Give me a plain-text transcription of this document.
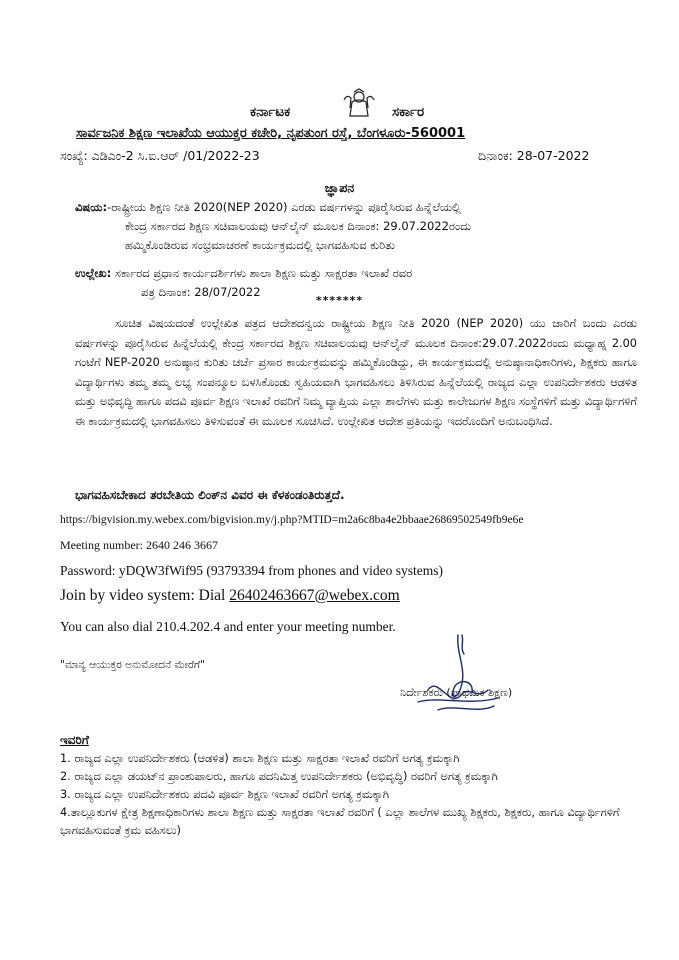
ಕರ್ನಾಟಕ	ಸರ್ಕಾರ
ಸಾರ್ವಜನಿಕ ಶಿಕ್ಷಣ ಇಲಾಖೆಯ ಆಯುಕ್ತರ ಕಚೇರಿ, ನೃಪತುಂಗ ರಸ್ತೆ, ಬೆಂಗಳೂರು-560001
ಸಂಖ್ಯೆ: ಎಡಿಎಂ-2 ಸಿ.ಐ.ಆರ್ /01/2022-23	ದಿನಾಂಕ: 28-07-2022
ಜ್ಞಾಪನ
ವಿಷಯ:-ರಾಷ್ಟ್ರೀಯ ಶಿಕ್ಷಣ ನೀತಿ 2020(NEP 2020) ಎರಡು ವರ್ಷಗಳನ್ನು ಪೂರೈಸಿರುವ ಹಿನ್ನೆಲೆಯಲ್ಲಿ
ಕೇಂದ್ರ ಸರ್ಕಾರದ ಶಿಕ್ಷಣ ಸಚಿವಾಲಯವು ಆನ್‌ಲೈನ್ ಮೂಲಕ ದಿನಾಂಕ: 29.07.2022ರಂದು
ಹಮ್ಮಿಕೊಂಡಿರುವ ಸಂಭ್ರಮಾಚರಣೆ ಕಾರ್ಯಕ್ರಮದಲ್ಲಿ ಭಾಗವಹಿಸುವ ಕುರಿತು
ಉಲ್ಲೇಖ: ಸರ್ಕಾರದ ಪ್ರಧಾನ ಕಾರ್ಯದರ್ಶಿಗಳು ಶಾಲಾ ಶಿಕ್ಷಣ ಮತ್ತು ಸಾಕ್ಷರತಾ ಇಲಾಖೆ ರವರ
ಪತ್ರ ದಿನಾಂಕ: 28/07/2022
*******
ಸೂಚಿತ ವಿಷಯದಂತೆ ಉಲ್ಲೇಖಿತ ಪತ್ರದ ಆದೇಶದನ್ವಯ ರಾಷ್ಟ್ರೀಯ ಶಿಕ್ಷಣ ನೀತಿ 2020 (NEP 2020) ಯು ಜಾರಿಗೆ ಬಂದು ಎರಡು ವರ್ಷಗಳನ್ನು ಪೂರೈಸಿರುವ ಹಿನ್ನೆಲೆಯಲ್ಲಿ ಕೇಂದ್ರ ಸರ್ಕಾರದ ಶಿಕ್ಷಣ ಸಚಿವಾಲಯವು ಆನ್‌ಲೈನ್ ಮೂಲಕ ದಿನಾಂಕ:29.07.2022ರಂದು ಮಧ್ಯಾಹ್ನ 2.00 ಗಂಟೆಗೆ NEP-2020 ಅನುಷ್ಠಾನ ಕುರಿತು ಚರ್ಚೆ ಪ್ರಸಾರ ಕಾರ್ಯಕ್ರಮವನ್ನು ಹಮ್ಮಿಕೊಂಡಿದ್ದು, ಈ ಕಾರ್ಯಕ್ರಮದಲ್ಲಿ ಅನುಷ್ಠಾನಾಧಿಕಾರಿಗಳು, ಶಿಕ್ಷಕರು ಹಾಗೂ ವಿದ್ಯಾರ್ಥಿಗಳು ತಮ್ಮ ತಮ್ಮ ಲಭ್ಯ ಸಂಪನ್ಮೂಲ ಬಳಸಿಕೊಂಡು ಸ್ವಹಿಯವಾಗಿ ಭಾಗವಹಿಸಲು ತಿಳಿಸಿರುವ ಹಿನ್ನೆಲೆಯಲ್ಲಿ ರಾಜ್ಯದ ಎಲ್ಲಾ ಉಪನಿರ್ದೇಶಕರು ಆಡಳಿತ ಮತ್ತು ಅಭಿವೃದ್ಧಿ ಹಾಗೂ ಪದವಿ ಪೂರ್ವ ಶಿಕ್ಷಣ ಇಲಾಖೆ ರವರಿಗೆ ನಿಮ್ಮ ವ್ಯಾಪ್ತಿಯ ಎಲ್ಲಾ ಶಾಲೆಗಳು ಮತ್ತು ಕಾಲೇಜುಗಳ ಶಿಕ್ಷಣ ಸಂಸ್ಥೆಗಳಿಗೆ ಮತ್ತು ವಿದ್ಯಾರ್ಥಿಗಳಿಗೆ ಈ ಕಾರ್ಯಕ್ರಮದಲ್ಲಿ ಭಾಗವಹಿಸಲು ತಿಳಿಸುವಂತೆ ಈ ಮೂಲಕ ಸೂಚಿಸಿದೆ. ಉಲ್ಲೇಖಿತ ಆದೇಶ ಪ್ರತಿಯನ್ನು ಇದರೊಂದಿಗೆ ಅನುಬಂಧಿಸಿದೆ.
ಭಾಗವಹಿಸಬೇಕಾದ ತರಬೇತಿಯ ಲಿಂಕ್‌ನ ವಿವರ ಈ ಕೆಳಕಂಡಂತಿರುತ್ತದೆ.
https://bigvision.my.webex.com/bigvision.my/j.php?MTID=m2a6c8ba4e2bbaae26869502549fb9e6e
Meeting number: 2640 246 3667
Password: yDQW3fWif95 (93793394 from phones and video systems)
Join by video system: Dial 26402463667@webex.com
You can also dial 210.4.202.4 and enter your meeting number.
"ಮಾನ್ಯ ಆಯುಕ್ತರ ಅನುಮೋದನೆ ಮೇರೆಗೆ"
ನಿರ್ದೇಶಕರು (ಪ್ರಾಥಮಿಕ ಶಿಕ್ಷಣ)
ಇವರಿಗೆ

1. ರಾಜ್ಯದ ಎಲ್ಲಾ ಉಪನಿರ್ದೇಶಕರು (ಆಡಳಿತ) ಶಾಲಾ ಶಿಕ್ಷಣ ಮತ್ತು ಸಾಕ್ಷರತಾ ಇಲಾಖೆ ರವರಿಗೆ ಅಗತ್ಯ ಕ್ರಮಕ್ಕಾಗಿ

2. ರಾಜ್ಯದ ಎಲ್ಲಾ ಡಯಟ್‌ನ ಪ್ರಾಂಶುಪಾಲರು, ಹಾಗೂ ಪದನಿಮಿತ್ತ ಉಪನಿರ್ದೇಶಕರು (ಅಭಿವೃದ್ಧಿ) ರವರಿಗೆ ಅಗತ್ಯ ಕ್ರಮಕ್ಕಾಗಿ

3. ರಾಜ್ಯದ ಎಲ್ಲಾ ಉಪನಿರ್ದೇಶಕರು ಪದವಿ ಪೂರ್ವ ಶಿಕ್ಷಣ ಇಲಾಖೆ ರವರಿಗೆ ಅಗತ್ಯ ಕ್ರಮಕ್ಕಾಗಿ

4.ತಾಲ್ಲೂಕುಗಳ ಕ್ಷೇತ್ರ ಶಿಕ್ಷಣಾಧಿಕಾರಿಗಳು ಶಾಲಾ ಶಿಕ್ಷಣ ಮತ್ತು ಸಾಕ್ಷರತಾ ಇಲಾಖೆ ರವರಿಗೆ ( ಎಲ್ಲಾ ಶಾಲೆಗಳ ಮುಖ್ಯ ಶಿಕ್ಷಕರು, ಶಿಕ್ಷಕರು, ಹಾಗೂ ವಿದ್ಯಾರ್ಥಿಗಳಿಗೆ ಭಾಗವಹಿಸುವಂತೆ ಕ್ರಮ ವಹಿಸಲು)
